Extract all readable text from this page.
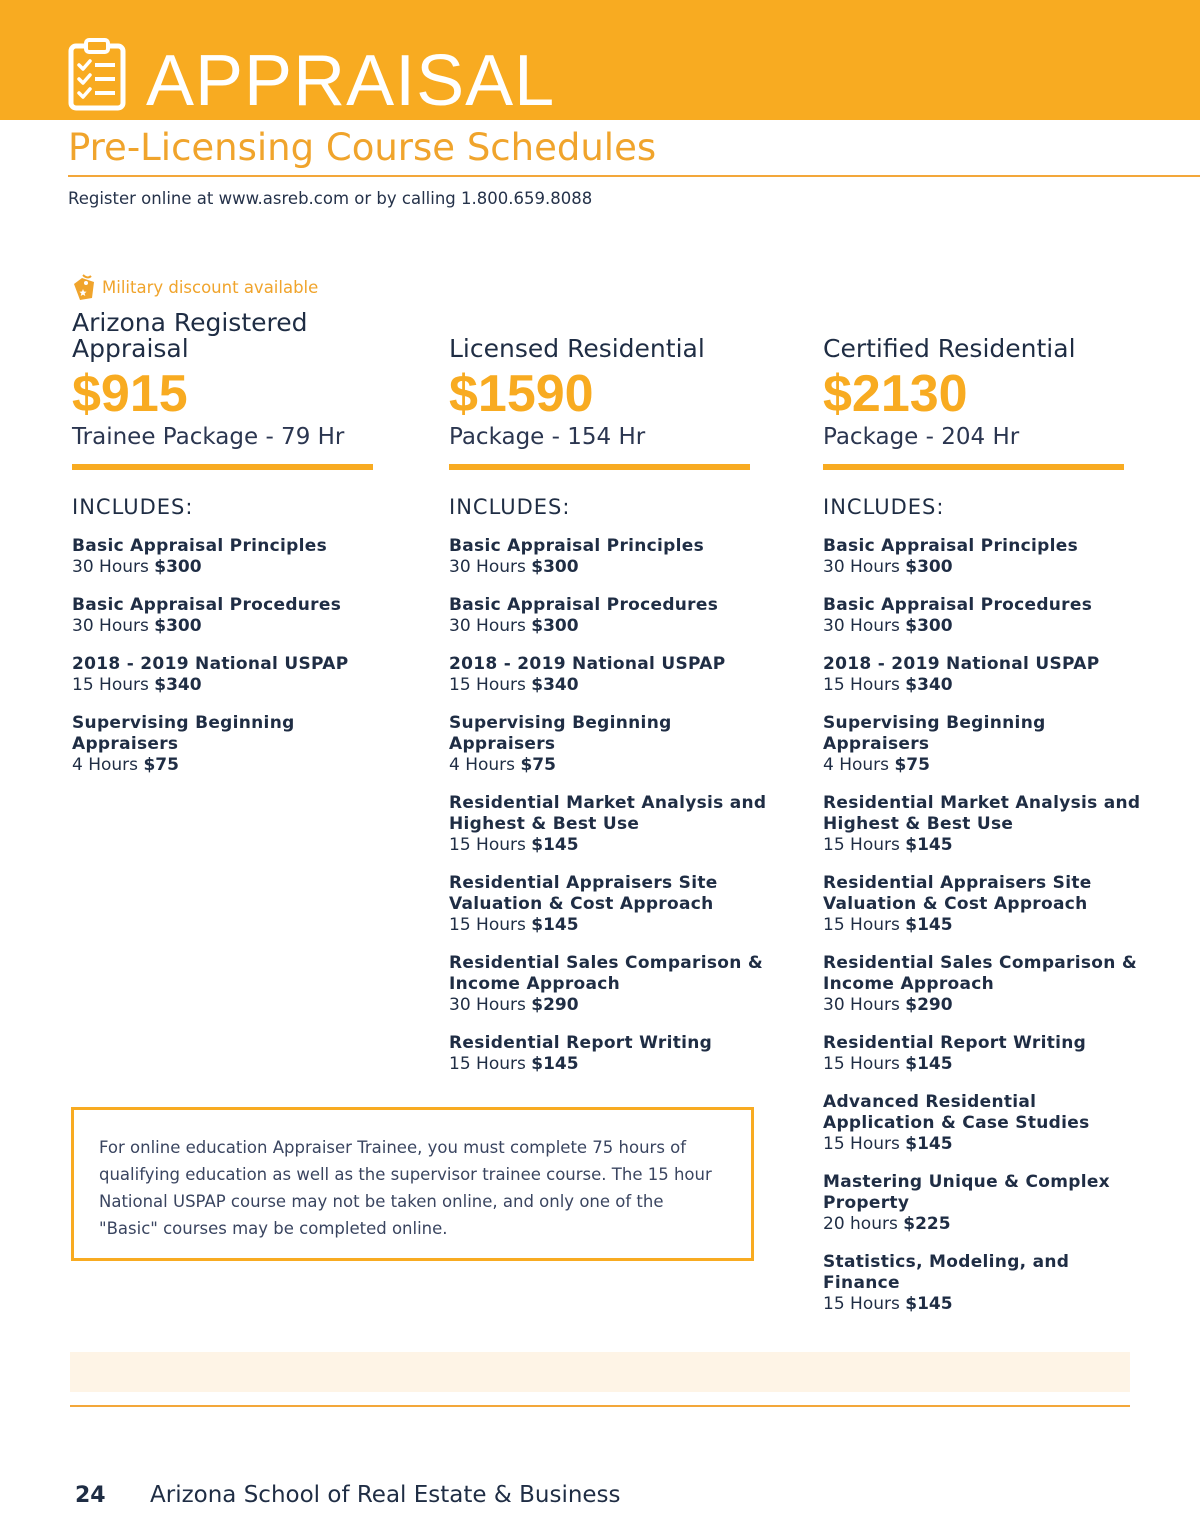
APPRAISAL
Pre-Licensing Course Schedules
Register online at www.asreb.com or by calling 1.800.659.8088
Military discount available
Arizona Registered Appraisal
$915
Trainee Package - 79 Hr
INCLUDES:
Basic Appraisal Principles
30 Hours $300
Basic Appraisal Procedures
30 Hours $300
2018 - 2019 National USPAP
15 Hours $340
Supervising Beginning Appraisers
4 Hours $75
Licensed Residential
$1590
Package - 154 Hr
INCLUDES:
Basic Appraisal Principles
30 Hours $300
Basic Appraisal Procedures
30 Hours $300
2018 - 2019 National USPAP
15 Hours $340
Supervising Beginning Appraisers
4 Hours $75
Residential Market Analysis and Highest & Best Use
15 Hours $145
Residential Appraisers Site Valuation & Cost Approach
15 Hours $145
Residential Sales Comparison & Income Approach
30 Hours $290
Residential Report Writing
15 Hours $145
Certified Residential
$2130
Package - 204 Hr
INCLUDES:
Basic Appraisal Principles
30 Hours $300
Basic Appraisal Procedures
30 Hours $300
2018 - 2019 National USPAP
15 Hours $340
Supervising Beginning Appraisers
4 Hours $75
Residential Market Analysis and Highest & Best Use
15 Hours $145
Residential Appraisers Site Valuation & Cost Approach
15 Hours $145
Residential Sales Comparison & Income Approach
30 Hours $290
Residential Report Writing
15 Hours $145
Advanced Residential Application & Case Studies
15 Hours $145
Mastering Unique & Complex Property
20 hours $225
Statistics, Modeling, and Finance
15 Hours $145
For online education Appraiser Trainee, you must complete 75 hours of qualifying education as well as the supervisor trainee course. The 15 hour National USPAP course may not be taken online, and only one of the "Basic" courses may be completed online.
24 Arizona School of Real Estate & Business
